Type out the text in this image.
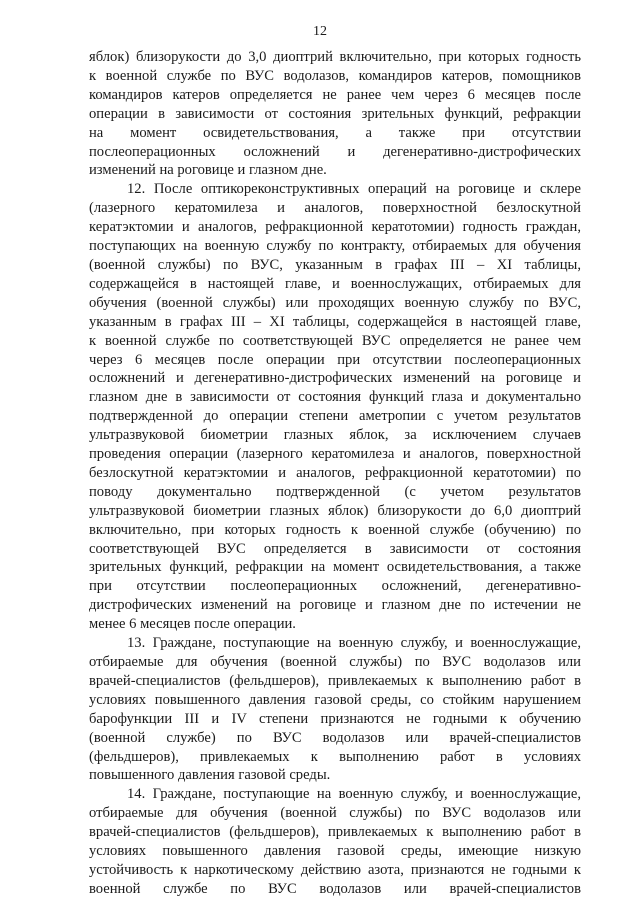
12
яблок) близорукости до 3,0 диоптрий включительно, при которых годность
к военной службе по ВУС водолазов, командиров катеров, помощников
командиров катеров определяется не ранее чем через 6 месяцев после
операции в зависимости от состояния зрительных функций, рефракции
на момент освидетельствования, а также при отсутствии
послеоперационных осложнений и дегенеративно-дистрофических
изменений на роговице и глазном дне.
12. После оптикореконструктивных операций на роговице и склере
(лазерного кератомилеза и аналогов, поверхностной безлоскутной
кератэктомии и аналогов, рефракционной кератотомии) годность граждан,
поступающих на военную службу по контракту, отбираемых для обучения
(военной службы) по ВУС, указанным в графах III – XI таблицы,
содержащейся в настоящей главе, и военнослужащих, отбираемых для
обучения (военной службы) или проходящих военную службу по ВУС,
указанным в графах III – XI таблицы, содержащейся в настоящей главе,
к военной службе по соответствующей ВУС определяется не ранее чем
через 6 месяцев после операции при отсутствии послеоперационных
осложнений и дегенеративно-дистрофических изменений на роговице и
глазном дне в зависимости от состояния функций глаза и документально
подтвержденной до операции степени аметропии с учетом результатов
ультразвуковой биометрии глазных яблок, за исключением случаев
проведения операции (лазерного кератомилеза и аналогов, поверхностной
безлоскутной кератэктомии и аналогов, рефракционной кератотомии) по
поводу документально подтвержденной (с учетом результатов
ультразвуковой биометрии глазных яблок) близорукости до 6,0 диоптрий
включительно, при которых годность к военной службе (обучению) по
соответствующей ВУС определяется в зависимости от состояния
зрительных функций, рефракции на момент освидетельствования, а также
при отсутствии послеоперационных осложнений, дегенеративно-
дистрофических изменений на роговице и глазном дне по истечении не
менее 6 месяцев после операции.
13. Граждане, поступающие на военную службу, и военнослужащие,
отбираемые для обучения (военной службы) по ВУС водолазов или
врачей-специалистов (фельдшеров), привлекаемых к выполнению работ в
условиях повышенного давления газовой среды, со стойким нарушением
барофункции III и IV степени признаются не годными к обучению
(военной службе) по ВУС водолазов или врачей-специалистов
(фельдшеров), привлекаемых к выполнению работ в условиях
повышенного давления газовой среды.
14. Граждане, поступающие на военную службу, и военнослужащие,
отбираемые для обучения (военной службы) по ВУС водолазов или
врачей-специалистов (фельдшеров), привлекаемых к выполнению работ в
условиях повышенного давления газовой среды, имеющие низкую
устойчивость к наркотическому действию азота, признаются не годными к
военной службе по ВУС водолазов или врачей-специалистов
